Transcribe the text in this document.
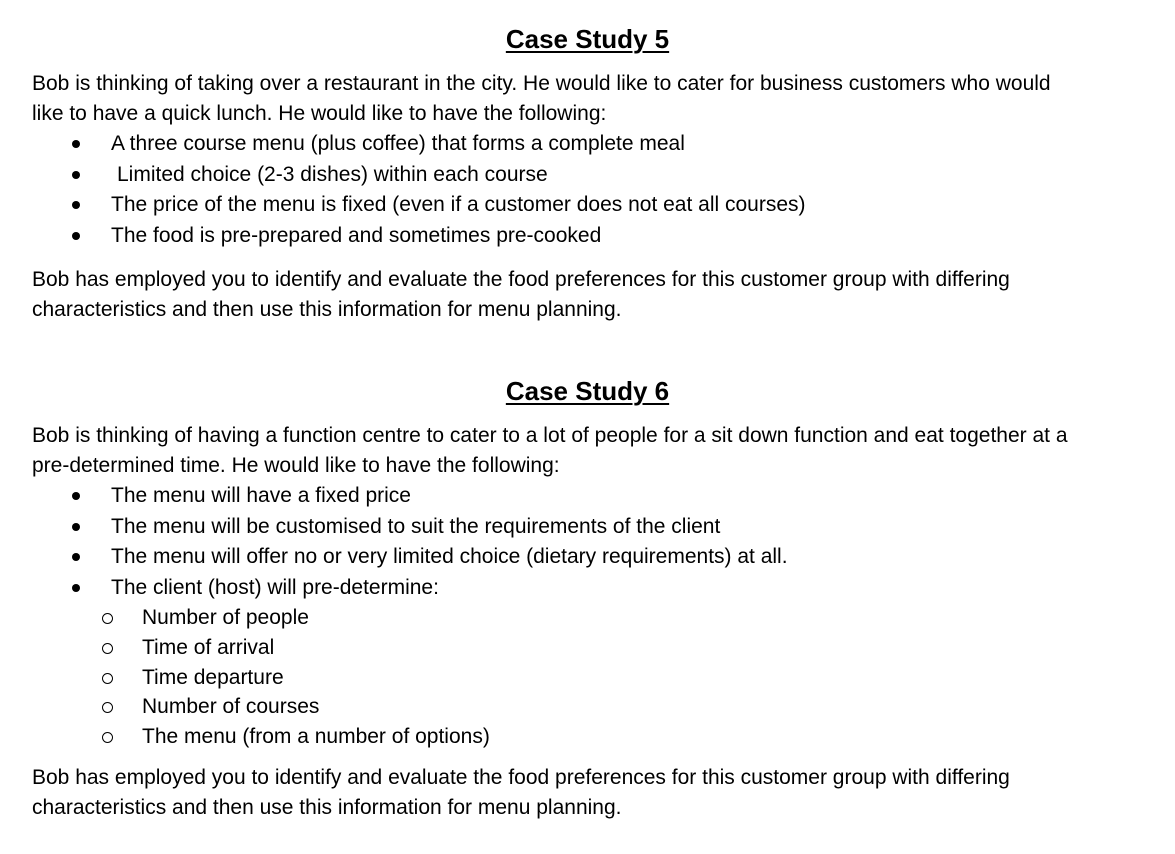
Case Study 5

Bob is thinking of taking over a restaurant in the city. He would like to cater for business customers who would
like to have a quick lunch. He would like to have the following:

A three course menu (plus coffee) that forms a complete meal
Limited choice (2-3 dishes) within each course
The price of the menu is fixed (even if a customer does not eat all courses)
The food is pre-prepared and sometimes pre-cooked

Bob has employed you to identify and evaluate the food preferences for this customer group with differing
characteristics and then use this information for menu planning.

Case Study 6

Bob is thinking of having a function centre to cater to a lot of people for a sit down function and eat together at a
pre-determined time. He would like to have the following:

The menu will have a fixed price
The menu will be customised to suit the requirements of the client
The menu will offer no or very limited choice (dietary requirements) at all.
The client (host) will pre-determine:
Number of people
Time of arrival
Time departure
Number of courses
The menu (from a number of options)

Bob has employed you to identify and evaluate the food preferences for this customer group with differing
characteristics and then use this information for menu planning.
